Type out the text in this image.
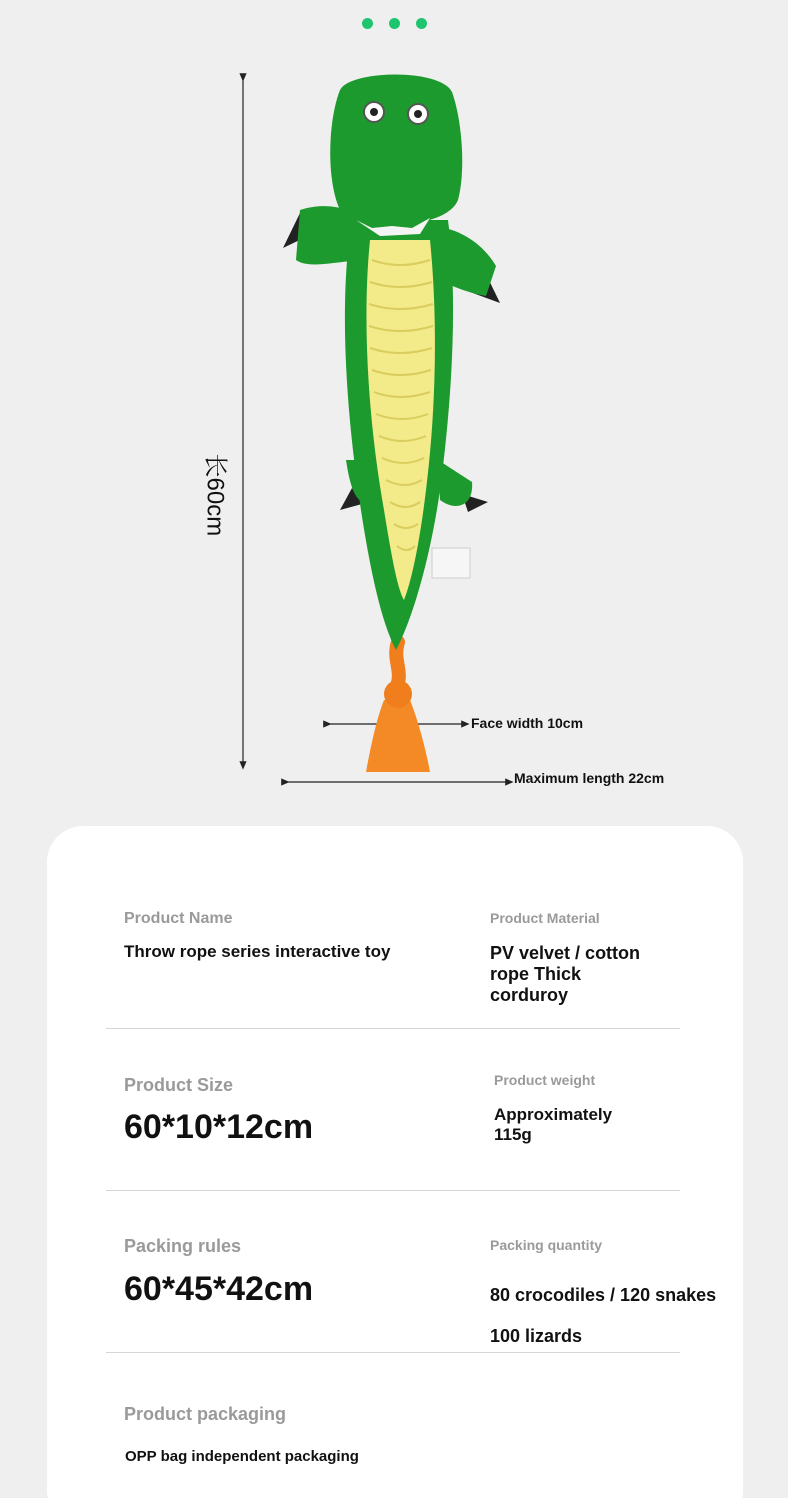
长60cm
Face width 10cm
Maximum length 22cm
Product Name
Throw rope series interactive toy
Product Material
PV velvet / cotton
rope Thick
corduroy
Product Size
60*10*12cm
Product weight
Approximately
115g
Packing rules
60*45*42cm
Packing quantity
80 crocodiles / 120 snakes
100 lizards
Product packaging
OPP bag independent packaging
